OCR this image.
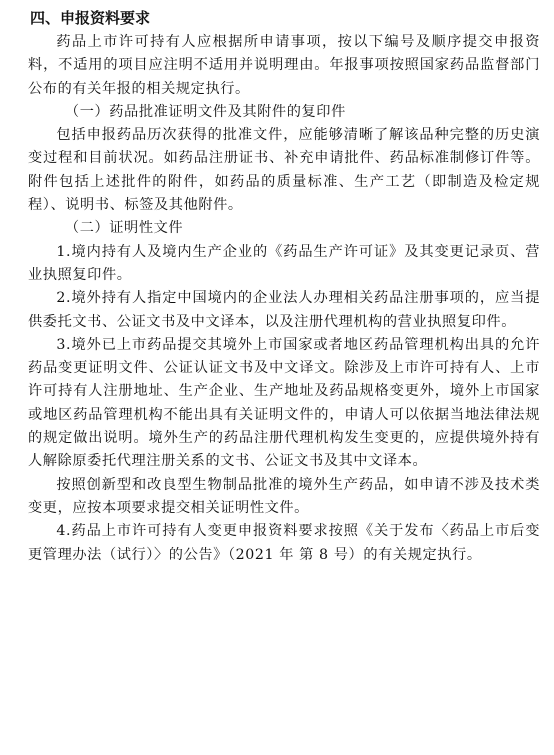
四、申报资料要求

药品上市许可持有人应根据所申请事项，按以下编号及顺序提交申报资料，不适用的项目应注明不适用并说明理由。年报事项按照国家药品监督部门公布的有关年报的相关规定执行。

（一）药品批准证明文件及其附件的复印件

包括申报药品历次获得的批准文件，应能够清晰了解该品种完整的历史演变过程和目前状况。如药品注册证书、补充申请批件、药品标准制修订件等。附件包括上述批件的附件，如药品的质量标准、生产工艺（即制造及检定规程）、说明书、标签及其他附件。

（二）证明性文件

1.境内持有人及境内生产企业的《药品生产许可证》及其变更记录页、营业执照复印件。

2.境外持有人指定中国境内的企业法人办理相关药品注册事项的，应当提供委托文书、公证文书及中文译本，以及注册代理机构的营业执照复印件。

3.境外已上市药品提交其境外上市国家或者地区药品管理机构出具的允许药品变更证明文件、公证认证文书及中文译文。除涉及上市许可持有人、上市许可持有人注册地址、生产企业、生产地址及药品规格变更外，境外上市国家或地区药品管理机构不能出具有关证明文件的，申请人可以依据当地法律法规的规定做出说明。境外生产的药品注册代理机构发生变更的，应提供境外持有人解除原委托代理注册关系的文书、公证文书及其中文译本。

按照创新型和改良型生物制品批准的境外生产药品，如申请不涉及技术类变更，应按本项要求提交相关证明性文件。

4.药品上市许可持有人变更申报资料要求按照《关于发布〈药品上市后变更管理办法（试行）〉的公告》（2021 年 第 8 号）的有关规定执行。
